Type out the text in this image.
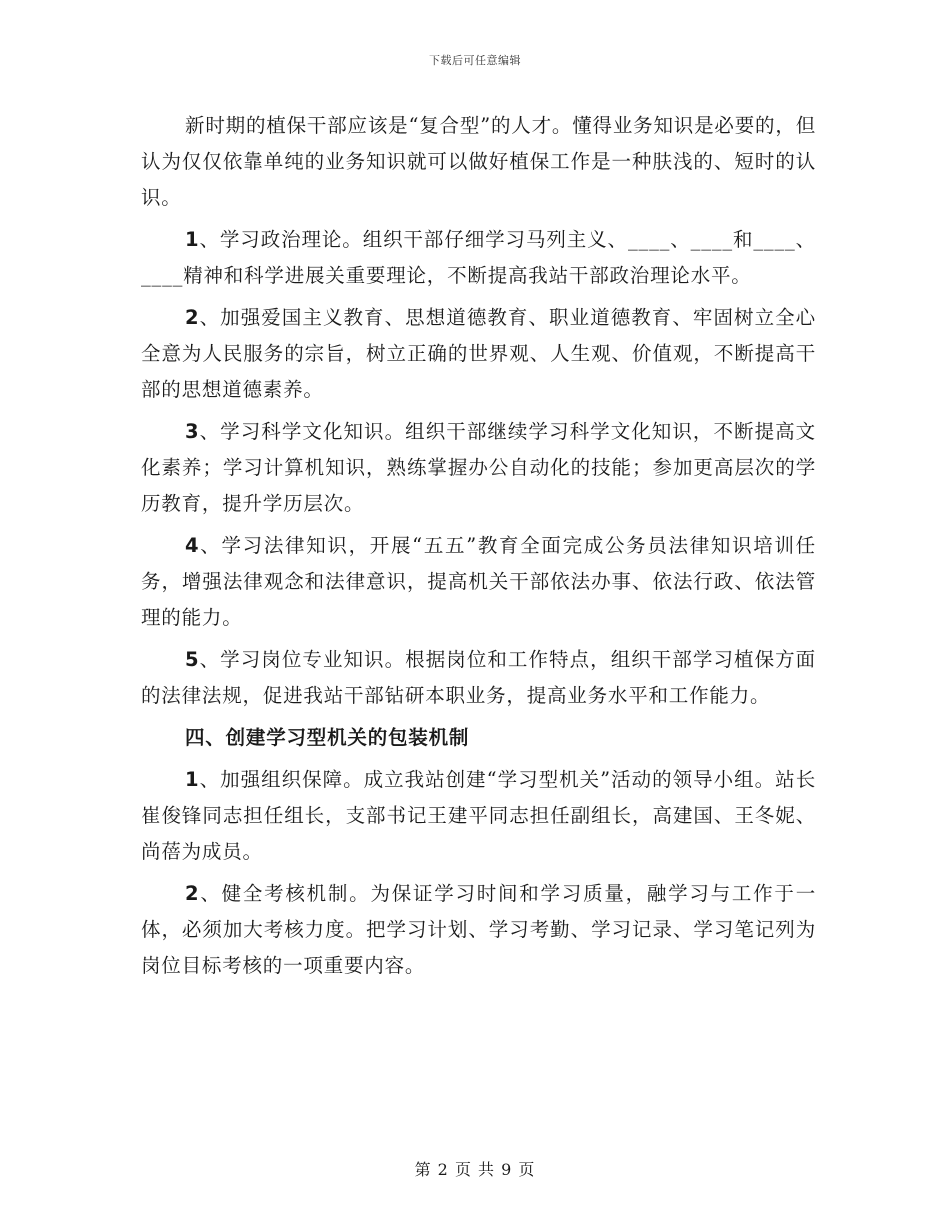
下载后可任意编辑

新时期的植保干部应该是“复合型”的人才。懂得业务知识是必要的，但认为仅仅依靠单纯的业务知识就可以做好植保工作是一种肤浅的、短时的认识。

1、学习政治理论。组织干部仔细学习马列主义、____、____和____、____精神和科学进展关重要理论，不断提高我站干部政治理论水平。

2、加强爱国主义教育、思想道德教育、职业道德教育、牢固树立全心全意为人民服务的宗旨，树立正确的世界观、人生观、价值观，不断提高干部的思想道德素养。

3、学习科学文化知识。组织干部继续学习科学文化知识，不断提高文化素养；学习计算机知识，熟练掌握办公自动化的技能；参加更高层次的学历教育，提升学历层次。

4、学习法律知识，开展“五五”教育全面完成公务员法律知识培训任务，增强法律观念和法律意识，提高机关干部依法办事、依法行政、依法管理的能力。

5、学习岗位专业知识。根据岗位和工作特点，组织干部学习植保方面的法律法规，促进我站干部钻研本职业务，提高业务水平和工作能力。

四、创建学习型机关的包装机制

1、加强组织保障。成立我站创建“学习型机关”活动的领导小组。站长崔俊锋同志担任组长，支部书记王建平同志担任副组长，高建国、王冬妮、尚蓓为成员。

2、健全考核机制。为保证学习时间和学习质量，融学习与工作于一体，必须加大考核力度。把学习计划、学习考勤、学习记录、学习笔记列为岗位目标考核的一项重要内容。

第 2 页 共 9 页
